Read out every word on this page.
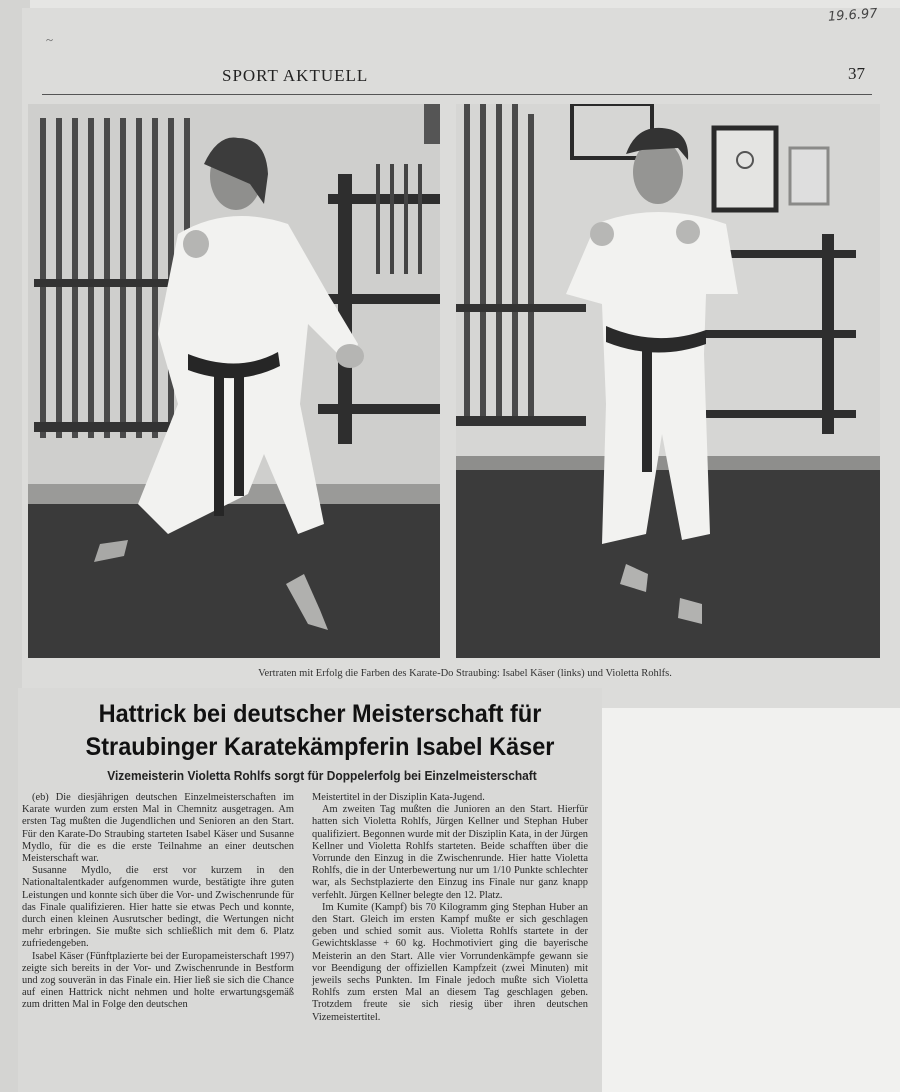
19.6.97
~
SPORT AKTUELL	37
Vertraten mit Erfolg die Farben des Karate-Do Straubing: Isabel Käser (links) und Violetta Rohlfs.
Hattrick bei deutscher Meisterschaft für
Straubinger Karatekämpferin Isabel Käser
Vizemeisterin Violetta Rohlfs sorgt für Doppelerfolg bei Einzelmeisterschaft

(eb) Die diesjährigen deutschen Einzelmeisterschaften im Karate wurden zum ersten Mal in Chemnitz ausgetragen. Am ersten Tag mußten die Jugendlichen und Senioren an den Start. Für den Karate-Do Straubing starteten Isabel Käser und Susanne Mydlo, für die es die erste Teilnahme an einer deutschen Meisterschaft war.

Susanne Mydlo, die erst vor kurzem in den Nationaltalentkader aufgenommen wurde, bestätigte ihre guten Leistungen und konnte sich über die Vor- und Zwischenrunde für das Finale qualifizieren. Hier hatte sie etwas Pech und konnte, durch einen kleinen Ausrutscher bedingt, die Wertungen nicht mehr erbringen. Sie mußte sich schließlich mit dem 6. Platz zufriedengeben.

Isabel Käser (Fünftplazierte bei der Europameisterschaft 1997) zeigte sich bereits in der Vor- und Zwischenrunde in Bestform und zog souverän in das Finale ein. Hier ließ sie sich die Chance auf einen Hattrick nicht nehmen und holte erwartungsgemäß zum dritten Mal in Folge den deutschen

Meistertitel in der Disziplin Kata-Jugend.

Am zweiten Tag mußten die Junioren an den Start. Hierfür hatten sich Violetta Rohlfs, Jürgen Kellner und Stephan Huber qualifiziert. Begonnen wurde mit der Disziplin Kata, in der Jürgen Kellner und Violetta Rohlfs starteten. Beide schafften über die Vorrunde den Einzug in die Zwischenrunde. Hier hatte Violetta Rohlfs, die in der Unterbewertung nur um 1/10 Punkte schlechter war, als Sechstplazierte den Einzug ins Finale nur ganz knapp verfehlt. Jürgen Kellner belegte den 12. Platz.

Im Kumite (Kampf) bis 70 Kilogramm ging Stephan Huber an den Start. Gleich im ersten Kampf mußte er sich geschlagen geben und schied somit aus. Violetta Rohlfs startete in der Gewichtsklasse + 60 kg. Hochmotiviert ging die bayerische Meisterin an den Start. Alle vier Vorrundenkämpfe gewann sie vor Beendigung der offiziellen Kampfzeit (zwei Minuten) mit jeweils sechs Punkten. Im Finale jedoch mußte sich Violetta Rohlfs zum ersten Mal an diesem Tag geschlagen geben. Trotzdem freute sie sich riesig über ihren deutschen Vizemeistertitel.
